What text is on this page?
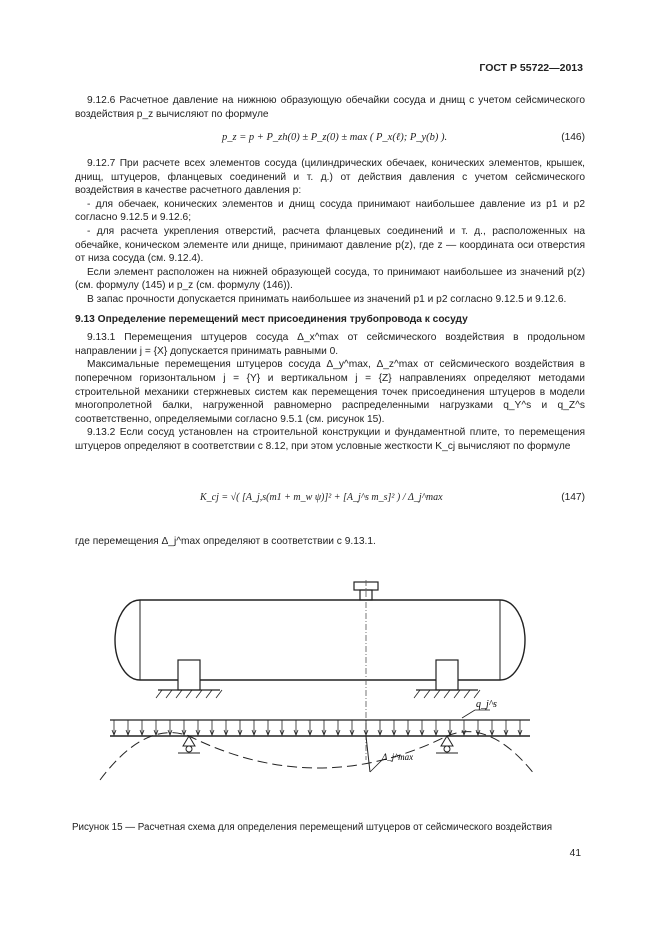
ГОСТ Р 55722—2013

9.12.6 Расчетное давление на нижнюю образующую обечайки сосуда и днищ с учетом сейсмического воздействия p_z вычисляют по формуле

p_z = p + P_zh(0) ± P_z(0) ± max ( P_x(ℓ); P_y(b) ).	(146)

9.12.7 При расчете всех элементов сосуда (цилиндрических обечаек, конических элементов, крышек, днищ, штуцеров, фланцевых соединений и т. д.) от действия давления с учетом сейсмического воздействия в качестве расчетного давления p:

- для обечаек, конических элементов и днищ сосуда принимают наибольшее давление из p1 и p2 согласно 9.12.5 и 9.12.6;

- для расчета укрепления отверстий, расчета фланцевых соединений и т. д., расположенных на обечайке, коническом элементе или днище, принимают давление p(z), где z — координата оси отверстия от низа сосуда (см. 9.12.4).

Если элемент расположен на нижней образующей сосуда, то принимают наибольшее из значений p(z) (см. формулу (145) и p_z (см. формулу (146)).

В запас прочности допускается принимать наибольшее из значений p1 и p2 согласно 9.12.5 и 9.12.6.

9.13 Определение перемещений мест присоединения трубопровода к сосуду

9.13.1 Перемещения штуцеров сосуда Δ_x^max от сейсмического воздействия в продольном направлении j = {X} допускается принимать равными 0.

Максимальные перемещения штуцеров сосуда Δ_y^max, Δ_z^max от сейсмического воздействия в поперечном горизонтальном j = {Y} и вертикальном j = {Z} направлениях определяют методами строительной механики стержневых систем как перемещения точек присоединения штуцеров в модели многопролетной балки, нагруженной равномерно распределенными нагрузками q_Y^s и q_Z^s соответственно, определяемыми согласно 9.5.1 (см. рисунок 15).

9.13.2 Если сосуд установлен на строительной конструкции и фундаментной плите, то перемещения штуцеров определяют в соответствии с 8.12, при этом условные жесткости K_cj вычисляют по формуле

K_cj = √( [A_j,s(m1 + m_w ψ)]² + [A_j^s m_s]² ) / Δ_j^max	(147)

где перемещения Δ_j^max определяют в соответствии с 9.13.1.

q_j^s
Δ_j^max
Рисунок 15 — Расчетная схема для определения перемещений штуцеров от сейсмического воздействия
41
